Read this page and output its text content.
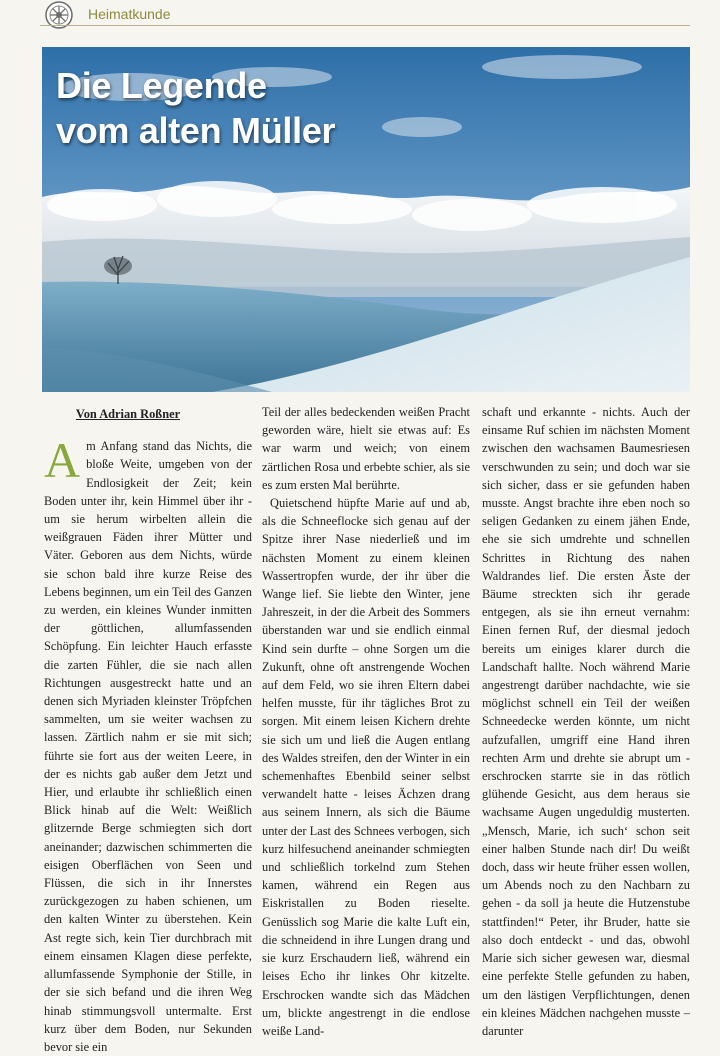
Heimatkunde
Die Legende
vom alten Müller
Von Adrian Roßner

Am Anfang stand das Nichts, die bloße Weite, umgeben von der Endlosigkeit der Zeit; kein Boden unter ihr, kein Himmel über ihr - um sie herum wirbelten allein die weißgrauen Fäden ihrer Mütter und Väter. Geboren aus dem Nichts, würde sie schon bald ihre kurze Reise des Lebens beginnen, um ein Teil des Ganzen zu werden, ein kleines Wunder inmitten der göttlichen, allumfassenden Schöpfung. Ein leichter Hauch erfasste die zarten Fühler, die sie nach allen Richtungen ausgestreckt hatte und an denen sich Myriaden kleinster Tröpfchen sammelten, um sie weiter wachsen zu lassen. Zärtlich nahm er sie mit sich; führte sie fort aus der weiten Leere, in der es nichts gab außer dem Jetzt und Hier, und erlaubte ihr schließlich einen Blick hinab auf die Welt: Weißlich glitzernde Berge schmiegten sich dort aneinander; dazwischen schimmerten die eisigen Oberflächen von Seen und Flüssen, die sich in ihr Innerstes zurückgezogen zu haben schienen, um den kalten Winter zu überstehen. Kein Ast regte sich, kein Tier durchbrach mit einem einsamen Klagen diese perfekte, allumfassende Symphonie der Stille, in der sie sich befand und die ihren Weg hinab stimmungsvoll untermalte. Erst kurz über dem Boden, nur Sekunden bevor sie ein

Teil der alles bedeckenden weißen Pracht geworden wäre, hielt sie etwas auf: Es war warm und weich; von einem zärtlichen Rosa und erbebte schier, als sie es zum ersten Mal berührte.

Quietschend hüpfte Marie auf und ab, als die Schneeflocke sich genau auf der Spitze ihrer Nase niederließ und im nächsten Moment zu einem kleinen Wassertropfen wurde, der ihr über die Wange lief. Sie liebte den Winter, jene Jahreszeit, in der die Arbeit des Sommers überstanden war und sie endlich einmal Kind sein durfte – ohne Sorgen um die Zukunft, ohne oft anstrengende Wochen auf dem Feld, wo sie ihren Eltern dabei helfen musste, für ihr tägliches Brot zu sorgen. Mit einem leisen Kichern drehte sie sich um und ließ die Augen entlang des Waldes streifen, den der Winter in ein schemenhaftes Ebenbild seiner selbst verwandelt hatte - leises Ächzen drang aus seinem Innern, als sich die Bäume unter der Last des Schnees verbogen, sich kurz hilfesuchend aneinander schmiegten und schließlich torkelnd zum Stehen kamen, während ein Regen aus Eiskristallen zu Boden rieselte. Genüsslich sog Marie die kalte Luft ein, die schneidend in ihre Lungen drang und sie kurz Erschaudern ließ, während ein leises Echo ihr linkes Ohr kitzelte. Erschrocken wandte sich das Mädchen um, blickte angestrengt in die endlose weiße Land-

schaft und erkannte - nichts. Auch der einsame Ruf schien im nächsten Moment zwischen den wachsamen Baumesriesen verschwunden zu sein; und doch war sie sich sicher, dass er sie gefunden haben musste. Angst brachte ihre eben noch so seligen Gedanken zu einem jähen Ende, ehe sie sich umdrehte und schnellen Schrittes in Richtung des nahen Waldrandes lief. Die ersten Äste der Bäume streckten sich ihr gerade entgegen, als sie ihn erneut vernahm: Einen fernen Ruf, der diesmal jedoch bereits um einiges klarer durch die Landschaft hallte. Noch während Marie angestrengt darüber nachdachte, wie sie möglichst schnell ein Teil der weißen Schneedecke werden könnte, um nicht aufzufallen, umgriff eine Hand ihren rechten Arm und drehte sie abrupt um - erschrocken starrte sie in das rötlich glühende Gesicht, aus dem heraus sie wachsame Augen ungeduldig musterten. „Mensch, Marie, ich such‘ schon seit einer halben Stunde nach dir! Du weißt doch, dass wir heute früher essen wollen, um Abends noch zu den Nachbarn zu gehen - da soll ja heute die Hutzenstube stattfinden!“ Peter, ihr Bruder, hatte sie also doch entdeckt - und das, obwohl Marie sich sicher gewesen war, diesmal eine perfekte Stelle gefunden zu haben, um den lästigen Verpflichtungen, denen ein kleines Mädchen nachgehen musste – darunter
